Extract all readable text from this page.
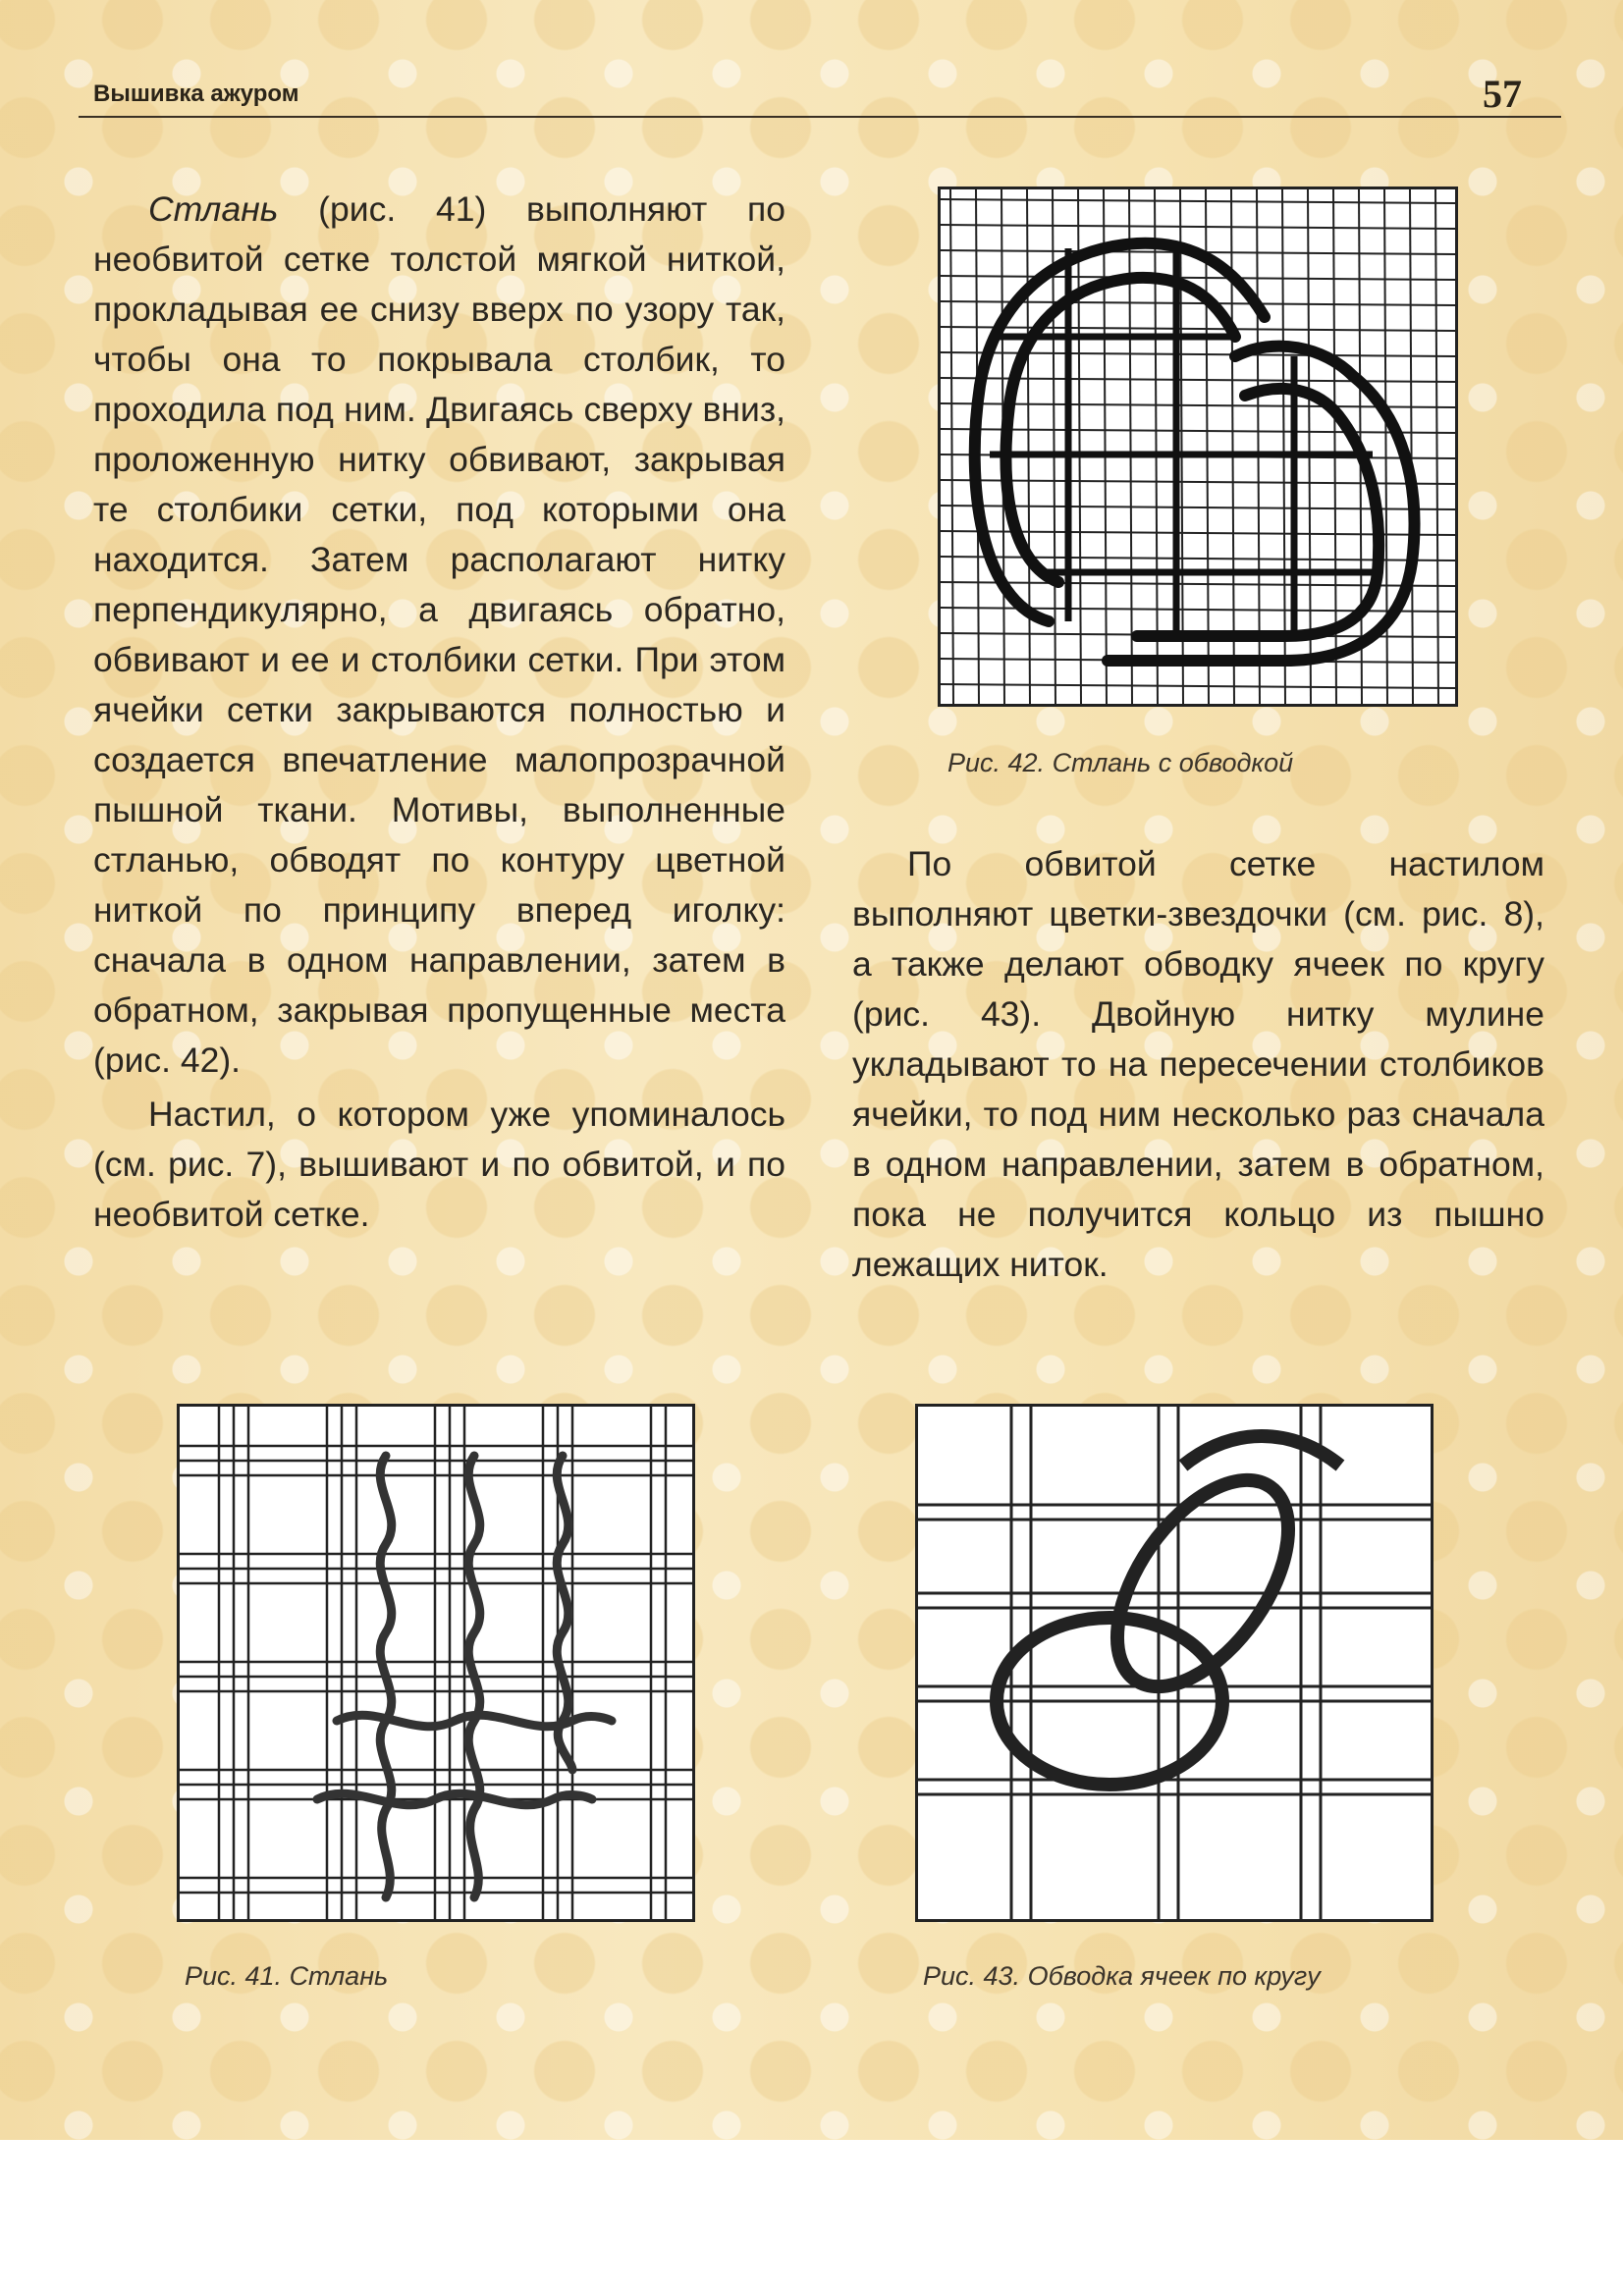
Вышивка ажуром	57

Стлань (рис. 41) выполняют по необвитой сетке толстой мягкой ниткой, прокладывая ее снизу вверх по узору так, чтобы она то покрывала столбик, то проходила под ним. Двигаясь сверху вниз, проложенную нитку обвивают, закрывая те столбики сетки, под которыми она находится. Затем располагают нитку перпендикулярно, а двигаясь обратно, обвивают и ее и столбики сетки. При этом ячейки сетки закрываются полностью и создается впечатление малопрозрачной пышной ткани. Мотивы, выполненные стланью, обводят по контуру цветной ниткой по принципу вперед иголку: сначала в одном направлении, затем в обратном, закрывая пропущенные места (рис. 42).

Настил, о котором уже упоминалось (см. рис. 7), вышивают и по обвитой, и по необвитой сетке.

Рис. 42. Стлань с обводкой

По обвитой сетке настилом выполняют цветки-звездочки (см. рис. 8), а также делают обводку ячеек по кругу (рис. 43). Двойную нитку мулине укладывают то на пересечении столбиков ячейки, то под ним несколько раз сначала в одном направлении, затем в обратном, пока не получится кольцо из пышно лежащих ниток.

Рис. 41. Стлань	Рис. 43. Обводка ячеек по кругу
